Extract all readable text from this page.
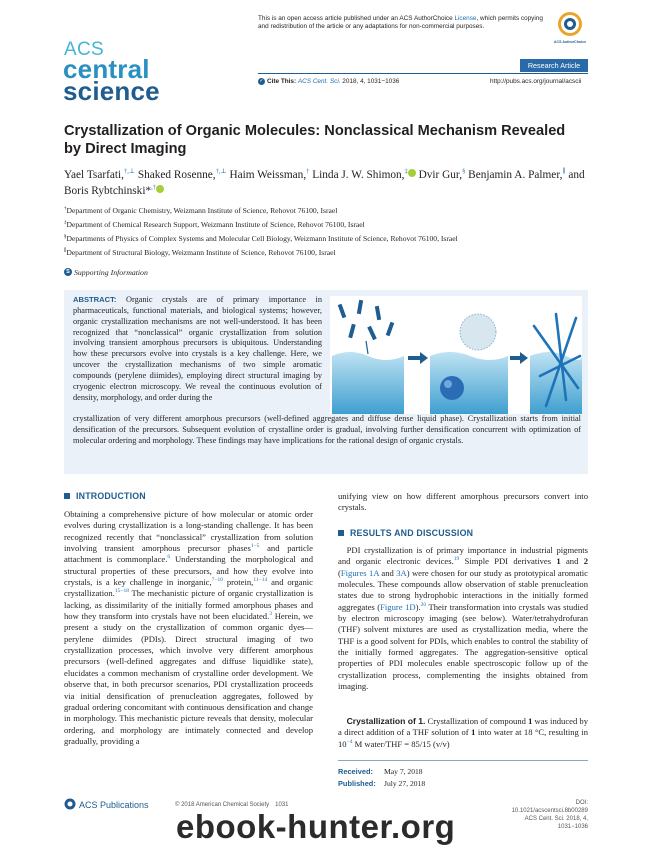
ACS
central
science
This is an open access article published under an ACS AuthorChoice License, which permits copying and redistribution of the article or any adaptations for non-commercial purposes.
ACS AuthorChoice
Research Article
✓ Cite This: ACS Cent. Sci. 2018, 4, 1031−1036	http://pubs.acs.org/journal/acscii
Crystallization of Organic Molecules: Nonclassical Mechanism Revealed by Direct Imaging
Yael Tsarfati,†,⊥ Shaked Rosenne,†,⊥ Haim Weissman,† Linda J. W. Shimon,‡ Dvir Gur,§ Benjamin A. Palmer,∥ and Boris Rybtchinski*,†
†Department of Organic Chemistry, Weizmann Institute of Science, Rehovot 76100, Israel
‡Department of Chemical Research Support, Weizmann Institute of Science, Rehovot 76100, Israel
§Departments of Physics of Complex Systems and Molecular Cell Biology, Weizmann Institute of Science, Rehovot 76100, Israel
∥Department of Structural Biology, Weizmann Institute of Science, Rehovot 76100, Israel
S Supporting Information
ABSTRACT: Organic crystals are of primary importance in pharmaceuticals, functional materials, and biological systems; however, organic crystallization mechanisms are not well-understood. It has been recognized that “nonclassical” organic crystallization from solution involving transient amorphous precursors is ubiquitous. Understanding how these precursors evolve into crystals is a key challenge. Here, we uncover the crystallization mechanisms of two simple aromatic compounds (perylene diimides), employing direct structural imaging by cryogenic electron microscopy. We reveal the continuous evolution of density, morphology, and order during the
crystallization of very different amorphous precursors (well-defined aggregates and diffuse dense liquid phase). Crystallization starts from initial densification of the precursors. Subsequent evolution of crystalline order is gradual, involving further densification concurrent with optimization of molecular ordering and morphology. These findings may have implications for the rational design of organic crystals.
INTRODUCTION
Obtaining a comprehensive picture of how molecular or atomic order evolves during crystallization is a long-standing challenge. It has been recognized recently that “nonclassical” crystallization from solution involving transient amorphous precursor phases$^{1-5}$ and particle attachment is commonplace.$^6$ Understanding the morphological and structural properties of these precursors, and how they evolve into crystals, is a key challenge in inorganic,$^{7-10}$ protein,$^{11-14}$ and organic crystallization.$^{15-18}$ The mechanistic picture of organic crystallization is lacking, as dissimilarity of the initially formed amorphous phases and how they transform into crystals have not been elucidated.$^3$ Herein, we present a study on the crystallization of common organic dyes—perylene diimides (PDIs). Direct structural imaging of two crystallization processes, which involve very different amorphous precursors (well-defined aggregates and diffuse liquidlike state), elucidates a common mechanism of crystalline order development. We observe that, in both precursor scenarios, PDI crystallization proceeds via initial densification of prenucleation aggregates, followed by gradual ordering concomitant with continuous densification and change in morphology. This mechanistic picture reveals that density, molecular ordering, and morphology are intimately connected and develop gradually, providing a
unifying view on how different amorphous precursors convert into crystals.
RESULTS AND DISCUSSION
 PDI crystallization is of primary importance in industrial pigments and organic electronic devices.$^{19}$ Simple PDI derivatives 1 and 2 (Figures 1A and 3A) were chosen for our study as prototypical aromatic molecules. These compounds allow observation of stable prenucleation states due to strong hydrophobic interactions in the initially formed aggregates (Figure 1D).$^{20}$ Their transformation into crystals was studied by electron microscopy imaging (see below). Water/tetrahydrofuran (THF) solvent mixtures are used as crystallization media, where the THF is a good solvent for PDIs, which enables to control the stability of the initially formed aggregates. The aggregation-sensitive optical properties of PDI molecules enable spectroscopic follow up of the crystallization process, complementing the insights obtained from imaging.
 Crystallization of 1. Crystallization of compound 1 was induced by a direct addition of a THF solution of 1 into water at 18 °C, resulting in 10$^{-4}$ M water/THF = 85/15 (v/v)
Received: May 7, 2018
Published: July 27, 2018
ACS Publications	© 2018 American Chemical Society   1031	DOI: 10.1021/acscentsci.8b00289
ACS Cent. Sci. 2018, 4, 1031−1036
ebook-hunter.org
